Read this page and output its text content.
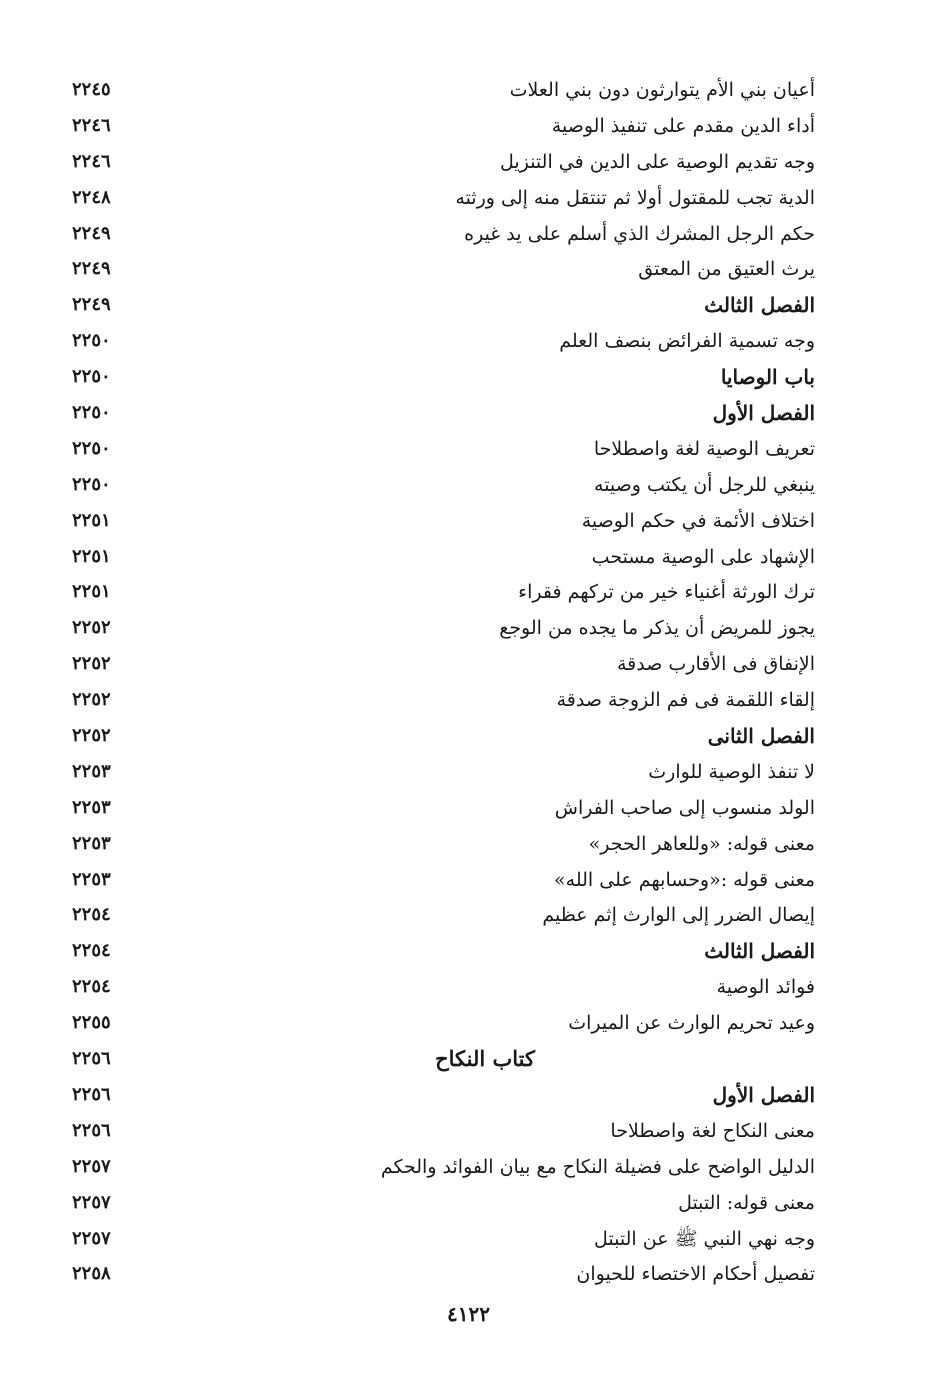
أعيان بني الأم يتوارثون دون بني العلات
٢٢٤٥
أداء الدين مقدم على تنفيذ الوصية
٢٢٤٦
وجه تقديم الوصية على الدين في التنزيل
٢٢٤٦
الدية تجب للمقتول أولا ثم تنتقل منه إلى ورثته
٢٢٤٨
حكم الرجل المشرك الذي أسلم على يد غيره
٢٢٤٩
يرث العتيق من المعتق
٢٢٤٩
الفصل الثالث
٢٢٤٩
وجه تسمية الفرائض بنصف العلم
٢٢٥٠
باب الوصايا
٢٢٥٠
الفصل الأول
٢٢٥٠
تعريف الوصية لغة واصطلاحا
٢٢٥٠
ينبغي للرجل أن يكتب وصيته
٢٢٥٠
اختلاف الأئمة في حكم الوصية
٢٢٥١
الإشهاد على الوصية مستحب
٢٢٥١
ترك الورثة أغنياء خير من تركهم فقراء
٢٢٥١
يجوز للمريض أن يذكر ما يجده من الوجع
٢٢٥٢
الإنفاق فى الأقارب صدقة
٢٢٥٢
إلقاء اللقمة فى فم الزوجة صدقة
٢٢٥٢
الفصل الثانى
٢٢٥٢
لا تنفذ الوصية للوارث
٢٢٥٣
الولد منسوب إلى صاحب الفراش
٢٢٥٣
معنى قوله: «وللعاهر الحجر»
٢٢٥٣
معنى قوله :«وحسابهم على الله»
٢٢٥٣
إيصال الضرر إلى الوارث إثم عظيم
٢٢٥٤
الفصل الثالث
٢٢٥٤
فوائد الوصية
٢٢٥٤
وعيد تحريم الوارث عن الميراث
٢٢٥٥
كتاب النكاح
٢٢٥٦
الفصل الأول
٢٢٥٦
معنى النكاح لغة واصطلاحا
٢٢٥٦
الدليل الواضح على فضيلة النكاح مع بيان الفوائد والحكم
٢٢٥٧
معنى قوله: التبتل
٢٢٥٧
وجه نهي النبي ﷺ عن التبتل
٢٢٥٧
تفصيل أحكام الاختصاء للحيوان
٢٢٥٨
٤١٢٢
